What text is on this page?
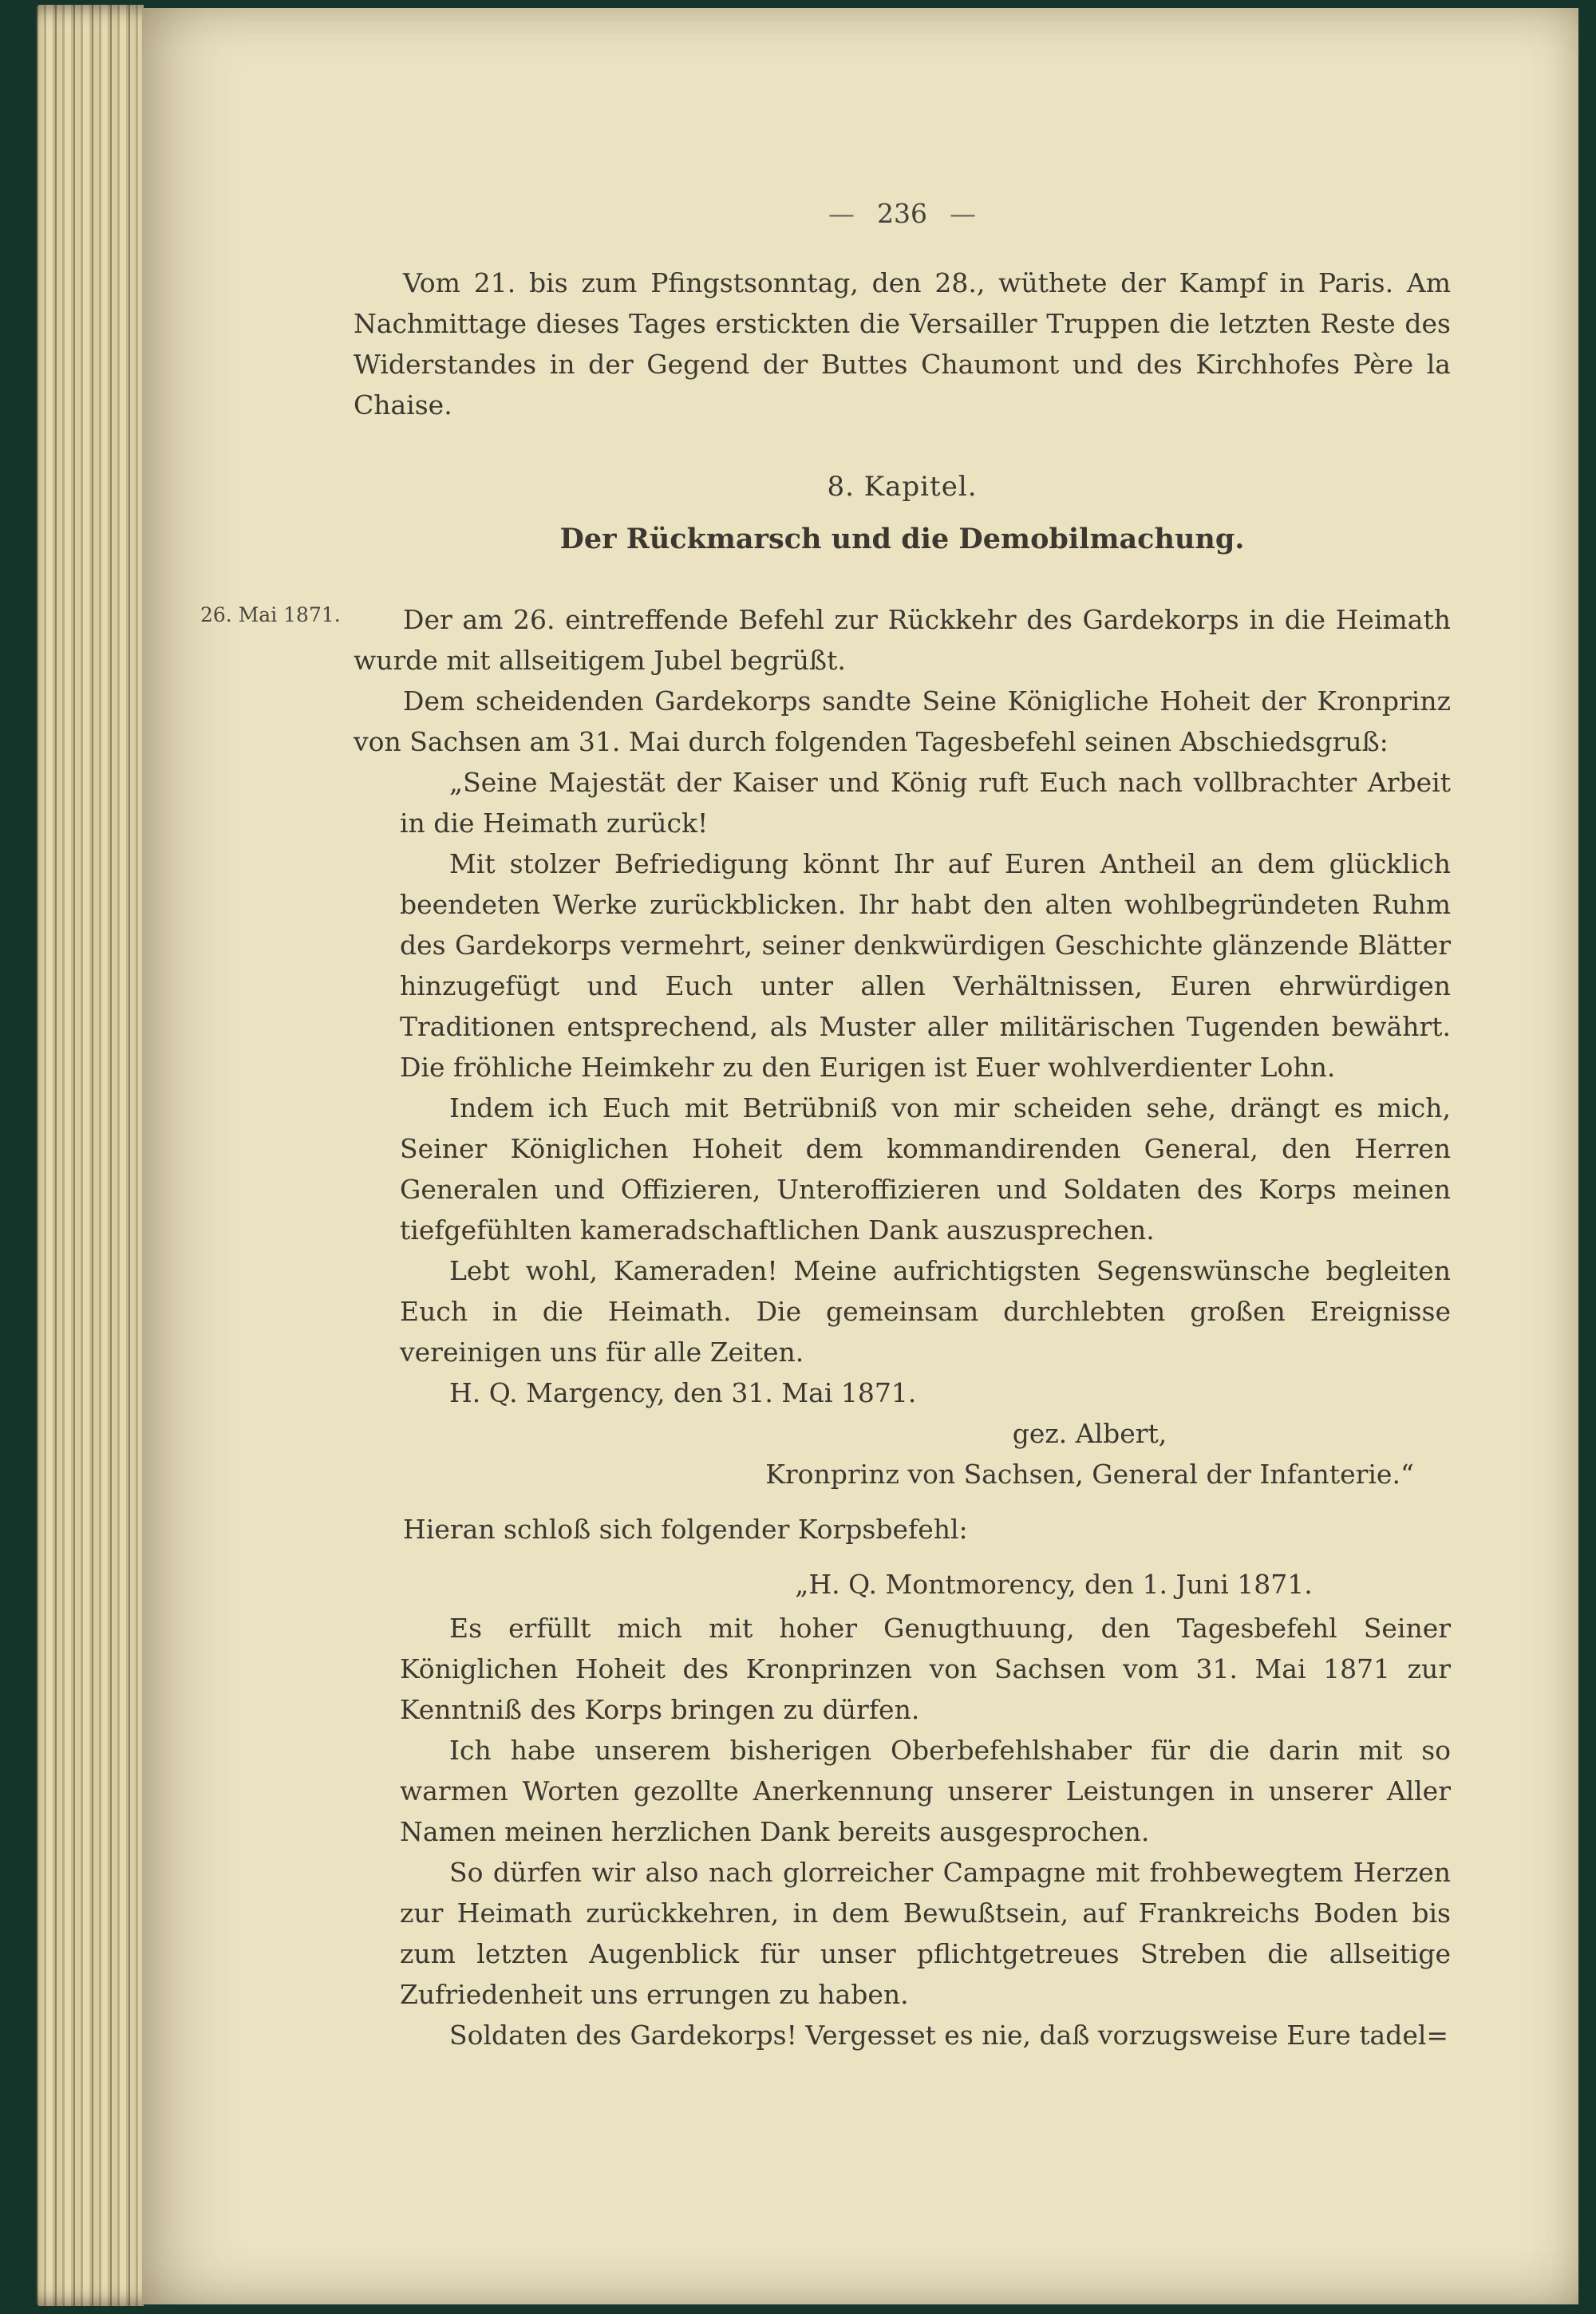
— 236 —

Vom 21. bis zum Pfingstsonntag, den 28., wüthete der Kampf in Paris. Am Nachmittage dieses Tages erstickten die Versailler Truppen die letzten Reste des Widerstandes in der Gegend der Buttes Chaumont und des Kirchhofes Père la Chaise.

8. Kapitel.
Der Rückmarsch und die Demobilmachung.

26. Mai 1871. Der am 26. eintreffende Befehl zur Rückkehr des Gardekorps in die Heimath wurde mit allseitigem Jubel begrüßt.

Dem scheidenden Gardekorps sandte Seine Königliche Hoheit der Kronprinz von Sachsen am 31. Mai durch folgenden Tagesbefehl seinen Abschiedsgruß:

„Seine Majestät der Kaiser und König ruft Euch nach vollbrachter Arbeit in die Heimath zurück!

Mit stolzer Befriedigung könnt Ihr auf Euren Antheil an dem glücklich beendeten Werke zurückblicken. Ihr habt den alten wohlbegründeten Ruhm des Gardekorps vermehrt, seiner denkwürdigen Geschichte glänzende Blätter hinzugefügt und Euch unter allen Verhältnissen, Euren ehrwürdigen Traditionen entsprechend, als Muster aller militärischen Tugenden bewährt. Die fröhliche Heimkehr zu den Eurigen ist Euer wohlverdienter Lohn.

Indem ich Euch mit Betrübniß von mir scheiden sehe, drängt es mich, Seiner Königlichen Hoheit dem kommandirenden General, den Herren Generalen und Offizieren, Unteroffizieren und Soldaten des Korps meinen tiefgefühlten kameradschaftlichen Dank auszusprechen.

Lebt wohl, Kameraden! Meine aufrichtigsten Segenswünsche begleiten Euch in die Heimath. Die gemeinsam durchlebten großen Ereignisse vereinigen uns für alle Zeiten.

H. Q. Margency, den 31. Mai 1871.

gez. Albert,
Kronprinz von Sachsen, General der Infanterie.“

Hieran schloß sich folgender Korpsbefehl:

„H. Q. Montmorency, den 1. Juni 1871.

Es erfüllt mich mit hoher Genugthuung, den Tagesbefehl Seiner Königlichen Hoheit des Kronprinzen von Sachsen vom 31. Mai 1871 zur Kenntniß des Korps bringen zu dürfen.

Ich habe unserem bisherigen Oberbefehlshaber für die darin mit so warmen Worten gezollte Anerkennung unserer Leistungen in unserer Aller Namen meinen herzlichen Dank bereits ausgesprochen.

So dürfen wir also nach glorreicher Campagne mit frohbewegtem Herzen zur Heimath zurückkehren, in dem Bewußtsein, auf Frankreichs Boden bis zum letzten Augenblick für unser pflichtgetreues Streben die allseitige Zufriedenheit uns errungen zu haben.

Soldaten des Gardekorps! Vergesset es nie, daß vorzugsweise Eure tadel=
